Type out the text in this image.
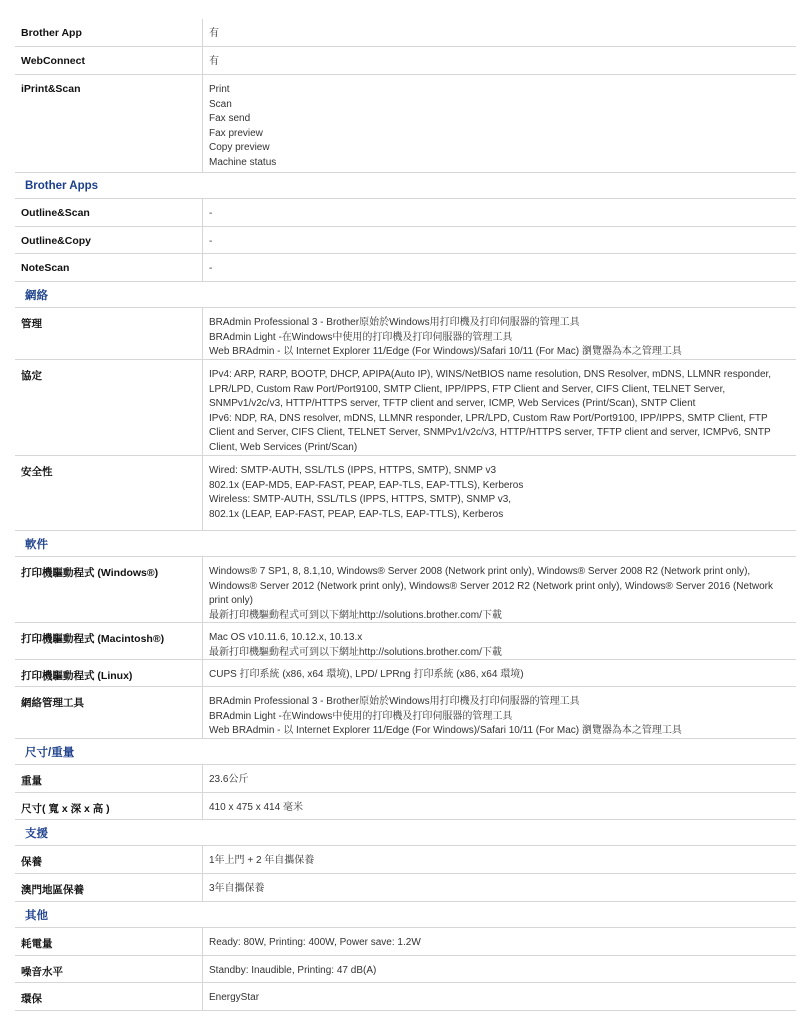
Brother App	有
WebConnect	有
iPrint&Scan	Print
Scan
Fax send
Fax preview
Copy preview
Machine status
Brother Apps
Outline&Scan	-
Outline&Copy	-
NoteScan	-
網絡
管理	BRAdmin Professional 3 - Brother原始於Windows用打印機及打印伺服器的管理工具
BRAdmin Light -在Windows中使用的打印機及打印伺服器的管理工具
Web BRAdmin - 以 Internet Explorer 11/Edge (For Windows)/Safari 10/11 (For Mac) 瀏覽器為本之管理工具
協定	IPv4: ARP, RARP, BOOTP, DHCP, APIPA(Auto IP), WINS/NetBIOS name resolution, DNS Resolver, mDNS, LLMNR responder, LPR/LPD, Custom Raw Port/Port9100, SMTP Client, IPP/IPPS, FTP Client and Server, CIFS Client, TELNET Server, SNMPv1/v2c/v3, HTTP/HTTPS server, TFTP client and server, ICMP, Web Services (Print/Scan), SNTP Client
IPv6: NDP, RA, DNS resolver, mDNS, LLMNR responder, LPR/LPD, Custom Raw Port/Port9100, IPP/IPPS, SMTP Client, FTP Client and Server, CIFS Client, TELNET Server, SNMPv1/v2c/v3, HTTP/HTTPS server, TFTP client and server, ICMPv6, SNTP Client, Web Services (Print/Scan)
安全性	Wired: SMTP-AUTH, SSL/TLS (IPPS, HTTPS, SMTP), SNMP v3
802.1x (EAP-MD5, EAP-FAST, PEAP, EAP-TLS, EAP-TTLS), Kerberos
Wireless: SMTP-AUTH, SSL/TLS (IPPS, HTTPS, SMTP), SNMP v3,
802.1x (LEAP, EAP-FAST, PEAP, EAP-TLS, EAP-TTLS), Kerberos
軟件
打印機驅動程式 (Windows®)	Windows® 7 SP1, 8, 8.1,10, Windows® Server 2008 (Network print only), Windows® Server 2008 R2 (Network print only), Windows® Server 2012 (Network print only), Windows® Server 2012 R2 (Network print only), Windows® Server 2016 (Network print only)
最新打印機驅動程式可到以下網址http://solutions.brother.com/下載
打印機驅動程式 (Macintosh®)	Mac OS v10.11.6, 10.12.x, 10.13.x
最新打印機驅動程式可到以下網址http://solutions.brother.com/下載
打印機驅動程式 (Linux)	CUPS 打印系統 (x86, x64 環境), LPD/ LPRng 打印系統 (x86, x64 環境)
網絡管理工具	BRAdmin Professional 3 - Brother原始於Windows用打印機及打印伺服器的管理工具
BRAdmin Light -在Windows中使用的打印機及打印伺服器的管理工具
Web BRAdmin - 以 Internet Explorer 11/Edge (For Windows)/Safari 10/11 (For Mac) 瀏覽器為本之管理工具
尺寸/重量
重量	23.6公斤
尺寸( 寬 x 深 x 高 )	410 x 475 x 414 毫米
支援
保養	1年上門 + 2 年自攜保養
澳門地區保養	3年自攜保養
其他
耗電量	Ready: 80W, Printing: 400W, Power save: 1.2W
噪音水平	Standby: Inaudible, Printing: 47 dB(A)
環保	EnergyStar
